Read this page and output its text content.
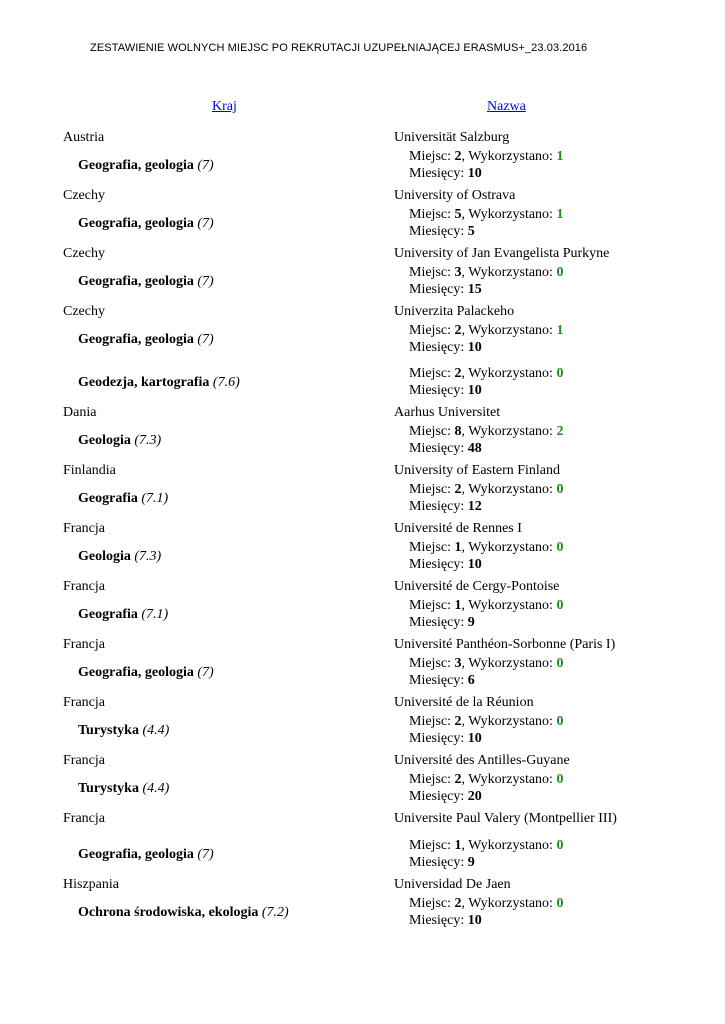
ZESTAWIENIE WOLNYCH MIEJSC PO REKRUTACJI UZUPEŁNIAJĄCEJ ERASMUS+_23.03.2016
Kraj	Nazwa
Austria	Universität Salzburg
Geografia, geologia (7)
Miejsc: 2, Wykorzystano: 1
Miesięcy: 10
Czechy	University of Ostrava
Geografia, geologia (7)
Miejsc: 5, Wykorzystano: 1
Miesięcy: 5
Czechy	University of Jan Evangelista Purkyne
Geografia, geologia (7)
Miejsc: 3, Wykorzystano: 0
Miesięcy: 15
Czechy	Univerzita Palackeho
Geografia, geologia (7)
Miejsc: 2, Wykorzystano: 1
Miesięcy: 10
Geodezja, kartografia (7.6)
Miejsc: 2, Wykorzystano: 0
Miesięcy: 10
Dania	Aarhus Universitet
Geologia (7.3)
Miejsc: 8, Wykorzystano: 2
Miesięcy: 48
Finlandia	University of Eastern Finland
Geografia (7.1)
Miejsc: 2, Wykorzystano: 0
Miesięcy: 12
Francja	Université de Rennes I
Geologia (7.3)
Miejsc: 1, Wykorzystano: 0
Miesięcy: 10
Francja	Université de Cergy-Pontoise
Geografia (7.1)
Miejsc: 1, Wykorzystano: 0
Miesięcy: 9
Francja	Université Panthéon-Sorbonne (Paris I)
Geografia, geologia (7)
Miejsc: 3, Wykorzystano: 0
Miesięcy: 6
Francja	Université de la Réunion
Turystyka (4.4)
Miejsc: 2, Wykorzystano: 0
Miesięcy: 10
Francja	Université des Antilles-Guyane
Turystyka (4.4)
Miejsc: 2, Wykorzystano: 0
Miesięcy: 20
Francja	Universite Paul Valery (Montpellier III)
Geografia, geologia (7)
Miejsc: 1, Wykorzystano: 0
Miesięcy: 9
Hiszpania	Universidad De Jaen
Ochrona środowiska, ekologia (7.2)
Miejsc: 2, Wykorzystano: 0
Miesięcy: 10
